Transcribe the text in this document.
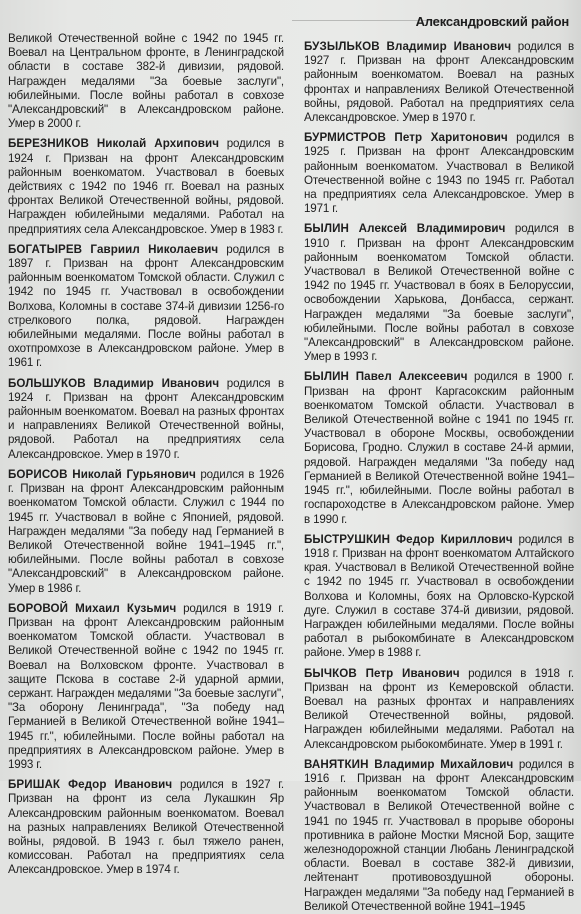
Александровский район

Великой Отечественной войне с 1942 по 1945 гг. Воевал на Центральном фронте, в Ленинградской области в составе 382-й дивизии, рядовой. Награжден медалями "За боевые заслуги", юбилейными. После войны работал в совхозе "Александровский" в Александровском районе. Умер в 2000 г.

БЕРЕЗНИКОВ Николай Архипович родился в 1924 г. Призван на фронт Александровским районным военкоматом. Участвовал в боевых действиях с 1942 по 1946 гг. Воевал на разных фронтах Великой Отечественной войны, рядовой. Награжден юбилейными медалями. Работал на предприятиях села Александровское. Умер в 1983 г.

БОГАТЫРЕВ Гавриил Николаевич родился в 1897 г. Призван на фронт Александровским районным военкоматом Томской области. Служил с 1942 по 1945 гг. Участвовал в освобождении Волхова, Коломны в составе 374-й дивизии 1256-го стрелкового полка, рядовой. Награжден юбилейными медалями. После войны работал в охотпромхозе в Александровском районе. Умер в 1961 г.

БОЛЬШУКОВ Владимир Иванович родился в 1924 г. Призван на фронт Александровским районным военкоматом. Воевал на разных фронтах и направлениях Великой Отечественной войны, рядовой. Работал на предприятиях села Александровское. Умер в 1970 г.

БОРИСОВ Николай Гурьянович родился в 1926 г. Призван на фронт Александровским районным военкоматом Томской области. Служил с 1944 по 1945 гг. Участвовал в войне с Японией, рядовой. Награжден медалями "За победу над Германией в Великой Отечественной войне 1941–1945 гг.", юбилейными. После войны работал в совхозе "Александровский" в Александровском районе. Умер в 1986 г.

БОРОВОЙ Михаил Кузьмич родился в 1919 г. Призван на фронт Александровским районным военкоматом Томской области. Участвовал в Великой Отечественной войне с 1942 по 1945 гг. Воевал на Волховском фронте. Участвовал в защите Пскова в составе 2-й ударной армии, сержант. Награжден медалями "За боевые заслуги", "За оборону Ленинграда", "За победу над Германией в Великой Отечественной войне 1941–1945 гг.", юбилейными. После войны работал на предприятиях в Александровском районе. Умер в 1993 г.

БРИШАК Федор Иванович родился в 1927 г. Призван на фронт из села Лукашкин Яр Александровским районным военкоматом. Воевал на разных направлениях Великой Отечественной войны, рядовой. В 1943 г. был тяжело ранен, комиссован. Работал на предприятиях села Александровское. Умер в 1974 г.

БУЗЫЛЬКОВ Владимир Иванович родился в 1927 г. Призван на фронт Александровским районным военкоматом. Воевал на разных фронтах и направлениях Великой Отечественной войны, рядовой. Работал на предприятиях села Александровское. Умер в 1970 г.

БУРМИСТРОВ Петр Харитонович родился в 1925 г. Призван на фронт Александровским районным военкоматом. Участвовал в Великой Отечественной войне с 1943 по 1945 гг. Работал на предприятиях села Александровское. Умер в 1971 г.

БЫЛИН Алексей Владимирович родился в 1910 г. Призван на фронт Александровским районным военкоматом Томской области. Участвовал в Великой Отечественной войне с 1942 по 1945 гг. Участвовал в боях в Белоруссии, освобождении Харькова, Донбасса, сержант. Награжден медалями "За боевые заслуги", юбилейными. После войны работал в совхозе "Александровский" в Александровском районе. Умер в 1993 г.

БЫЛИН Павел Алексеевич родился в 1900 г. Призван на фронт Каргасокским районным военкоматом Томской области. Участвовал в Великой Отечественной войне с 1941 по 1945 гг. Участвовал в обороне Москвы, освобождении Борисова, Гродно. Служил в составе 24-й армии, рядовой. Награжден медалями "За победу над Германией в Великой Отечественной войне 1941–1945 гг.", юбилейными. После войны работал в госпароходстве в Александровском районе. Умер в 1990 г.

БЫСТРУШКИН Федор Кириллович родился в 1918 г. Призван на фронт военкоматом Алтайского края. Участвовал в Великой Отечественной войне с 1942 по 1945 гг. Участвовал в освобождении Волхова и Коломны, боях на Орловско-Курской дуге. Служил в составе 374-й дивизии, рядовой. Награжден юбилейными медалями. После войны работал в рыбокомбинате в Александровском районе. Умер в 1988 г.

БЫЧКОВ Петр Иванович родился в 1918 г. Призван на фронт из Кемеровской области. Воевал на разных фронтах и направлениях Великой Отечественной войны, рядовой. Награжден юбилейными медалями. Работал на Александровском рыбокомбинате. Умер в 1991 г.

ВАНЯТКИН Владимир Михайлович родился в 1916 г. Призван на фронт Александровским районным военкоматом Томской области. Участвовал в Великой Отечественной войне с 1941 по 1945 гг. Участвовал в прорыве обороны противника в районе Мостки Мясной Бор, защите железнодорожной станции Любань Ленинградской области. Воевал в составе 382-й дивизии, лейтенант противовоздушной обороны. Награжден медалями "За победу над Германией в Великой Отечественной войне 1941–1945
